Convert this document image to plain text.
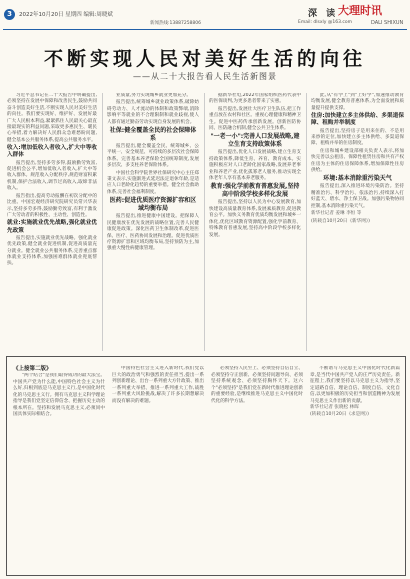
3	2022年10月20日 星期四 编辑:周晓斌
新闻热线:13887258806	Email: dlsxly @163.com
深 读 大理时讯
DALI SHIXUN
不断实现人民对美好生活的向往
——从二十大报告看人民生活新图景

习近平总书记在二十大报告中明确提出,必须坚持在发展中保障和改善民生,鼓励共同奋斗创造美好生活,不断实现人民对美好生活的向往。我们要实现好、维护好、发展好最广大人民根本利益,紧紧抓住人民最关心最直接最现实的利益问题,采取更多惠民生、暖民心举措,着力解决好人民群众急难愁盼问题,健全基本公共服务体系,提高公共服务水平。

收入:增加低收入者收入,扩大中等收入群体

报告提出,坚持多劳多得,鼓励勤劳致富,促进机会公平,增加低收入者收入,扩大中等收入群体。规范收入分配秩序,规范财富积累机制,保护合法收入,调节过高收入,取缔非法收入。

报告指出,提高劳动报酬在初次分配中的比重。中国宏观经济研究院研究员常兴华表示,坚持多劳多得,鼓励勤劳致富,有利于激发广大劳动者的积极性、主动性、创造性。

就业:实施就业优先战略,强化就业优先政策

报告提出,实施就业优先战略。强化就业优先政策,健全就业促进机制,促进高质量充分就业。健全就业公共服务体系,完善重点群体就业支持体系,加强困难群体就业兜底帮扶。

业质量,努力实现城乡就业更加充分。

报告提出,统筹城乡就业政策体系,破除妨碍劳动力、人才流动的体制和政策弊端,消除影响平等就业的不合理限制和就业歧视,使人人都有通过勤奋劳动实现自身发展的机会。

社保:健全覆盖全民的社会保障体系

报告提出,健全覆盖全民、统筹城乡、公平统一、安全规范、可持续的多层次社会保障体系。完善基本养老保险全国统筹制度,发展多层次、多支柱养老保险体系。

中国社会科学院世界社保研究中心主任郑秉文表示,实施渐进式延迟法定退休年龄,是适应人口老龄化趋势的重要举措。健全社会救助体系,完善社会福利制度。

医药:促进优质医疗资源扩容和区域均衡布局

报告提出,推进健康中国建设。把保障人民健康放在优先发展的战略位置,完善人民健康促进政策。深化医药卫生体制改革,促进医保、医疗、医药协同发展和治理。促进优质医疗资源扩容和区域均衡布局,坚持预防为主,加强重大慢性病健康管理。

据新华社电,2022年国家组织医药代表中的医保谈判,为更多患者带来了实惠。

报告提出,发展壮大医疗卫生队伍,把工作重点放在农村和社区。重视心理健康和精神卫生。促进中医药传承创新发展。创新医防协同、医防融合机制,健全公共卫生体系。

"一老一小":完善人口发展战略,建立生育支持政策体系

报告提出,优化人口发展战略,建立生育支持政策体系,降低生育、养育、教育成本。实施积极应对人口老龄化国家战略,发展养老事业和养老产业,优化孤寡老人服务,推动实现全体老年人享有基本养老服务。

教育:强化学前教育普惠发展,坚持高中阶段学校多样化发展

报告提出,坚持以人民为中心发展教育,加快建设高质量教育体系,发展素质教育,促进教育公平。加快义务教育优质均衡发展和城乡一体化,优化区域教育资源配置,强化学前教育、特殊教育普惠发展,坚持高中阶段学校多样化发展。

此,从"有学上"到"上好学",加速推动教育均衡发展,健全教育普惠体系,为全面发展和质量提升提供支撑。

住房:加快建立多主体供给、多渠道保障、租购并举制度

报告提出,坚持房子是用来住的、不是用来炒的定位,加快建立多主体供给、多渠道保障、租购并举的住房制度。

住房和城乡建设部相关负责人表示,将加快完善以公租房、保障性租赁住房和共有产权住房为主体的住房保障体系,增加保障性住房供给。

环境:基本消除重污染天气

报告提出,深入推进环境污染防治。坚持精准治污、科学治污、依法治污,持续深入打好蓝天、碧水、净土保卫战。加强污染物协同控制,基本消除重污染天气。

新华社记者 姜琳 李恒 等

(转载自10月20日《新华网》)

《上接第二版》

"两个结合"是我们取得成功的最大法宝。中国共产党为什么能,中国特色社会主义为什么好,归根到底是马克思主义行,是中国化时代化的马克思主义行。拥有马克思主义科学理论指导是我们党坚定信仰信念、把握历史主动的根本所在。坚持和发展马克思主义,必须同中国具体实际相结合。

中国特色社会主义进入新时代,我们党以巨大的政治勇气和强烈的责任担当,提出一系列创新理论、出台一系列重大方针政策、推出一系列重大举措、推进一系列重大工作,战胜一系列重大风险挑战,解决了许多长期想解决而没有解决的难题。

必须坚持人民至上、必须坚持自信自立、必须坚持守正创新、必须坚持问题导向、必须坚持系统观念、必须坚持胸怀天下。这六个"必须坚持"是我们党在新时代推进理论创新的重要经验,是继续推进马克思主义中国化时代化的科学方法。

不断谱写马克思主义中国化时代化新篇章,是当代中国共产党人的庄严历史责任。新征程上,我们要坚持以马克思主义为指导,坚定道路自信、理论自信、制度自信、文化自信,以更加积极的历史担当和创造精神为发展马克思主义作出新的贡献。

新华社记者 张晓松 林晖

(转载自10月20日《求是网》)
